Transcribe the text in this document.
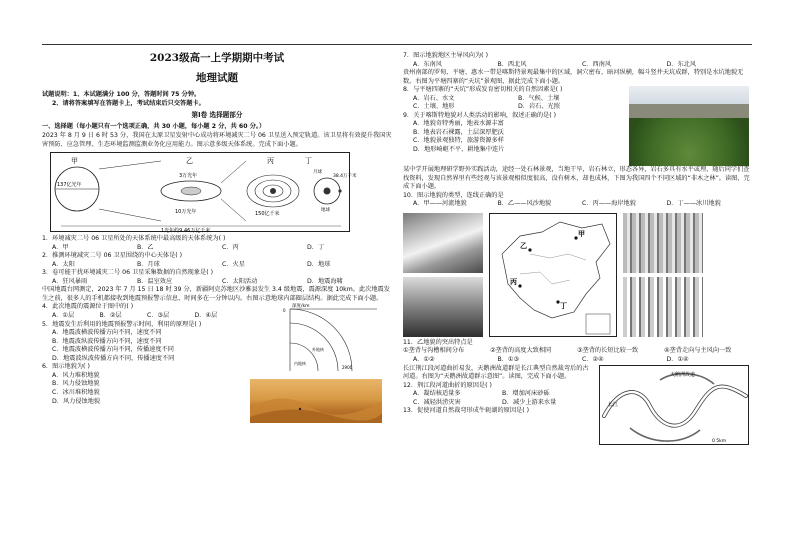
2023级高一上学期期中考试
地理试题

试题说明：1、本试题满分 100 分，答题时间 75 分钟。

2、请将答案填写在答题卡上，考试结束后只交答题卡。

第Ⅰ卷 选择题部分

一、选择题（每小题只有一个选项正确，共 30 小题，每小题 2 分，共 60 分。）

2023 年 8 月 9 日 6 时 53 分，我国在太原卫星发射中心成功将环境减灾二号 06 卫星送入预定轨道。该卫星将有效提升我国灾害预防、应急管理、生态环境监测监测业务化应用能力。图示意多级天体系统。完成下面小题。

甲	乙	丙	丁
137亿光年
3万光年
10万光年	150亿千米
38.4万千米
月球
地球
1光年约9.46万亿千米

1．环境减灾二号 06 卫星所处的天体系统中最高级的天体系统为( )

A．甲	B．乙	C．丙	D．丁

2．推测环境减灾二号 06 卫星围绕的中心天体是( )

A．太阳	B．月球	C．火星	D．地球

3．卷可能干扰环境减灾二号 06 卫星采集数据的自然现象是( )

A．狂风暴雨	B．温室效应	C．太阳活动	D．地震海啸

中国地震台网测定，2023 年 7 月 15 日 18 时 39 分，新疆阿克苏地区沙雅县发生 3.4 级地震，震源深度 10km。此次地震发生之前，很多人的手机都接收到地震预报警示信息，时间多在一分钟以内。右图示意地球内部圈层结构。据此完成下面小题。

4．此次地震的震源位于图中的( )

A．①层	B．②层	C．③层	D．④层

5．地震发生后利用的地震预报警示时间，利用的原理是( )

A．地震波横波传播方向不同，速度不同
B．地震波纵波传播方向不同，速度不同
C．地震波横波传播方向不同，传播速度不同
D．地震波纵波传播方向不同，传播速度不同

6．图示地貌为( )

A．风力堆积地貌
B．风力侵蚀地貌
C．冰川堆积地貌
D．风力侵蚀地貌
深度/km
0
2900
外地核
内地核

7．图示地貌地区主导风向为( )

A．东南风	B．西北风	C．西南风	D．东北风

贵州南部的罗甸、平塘、惠水一带是喀斯特景观最集中的区域，洞穴密布，暗河纵横，幅斗竖井天坑成群，特别是水坑地貌无数。右图为平塘四寨的“天坑”景观图，据此完成下面小题。

8．与平塘四寨的“天坑”形成发育密切相关的自然因素是( )

A．岩石、水文	B．气候、土壤
C．土壤、地形	D．岩石、光照

9．关于喀斯特地貌对人类活动的影响，叙述正确的是( )

A．地貌奇特秀丽，地表水源丰富
B．地表岩石裸露，土层深厚肥沃
C．地貌景观独特，旅游资源多样
D．地形崎岖不平，耕地集中连片

某中学开展地理研学野外实践活动，途经一处石林景观，当地干旱，岩石林立，形态各异，岩石多具有水平或理，随后同学们查找资料，发现自然界里有些经观与该景观相似度很高，没有树木，却也成林，下图为我国四个不同区域的“非木之林”。读图，完成下面小题。

10．图示地貌的类型，连线正确的是

A．甲——河流地貌	B．乙——风沙地貌	C．丙——海岸地貌	D．丁——冰川地貌
乙
丙
甲
丁

11．乙地貌的突出特点是

①垄背与沟槽相间分布	②垄背的高度大致相同	③垄背的长短比较一致	④垄背走向与主风向一致
A．①②	B．①③	C．②④	D．①④

长江荆江段河道曲折易发，天鹅洲故道群是长江典型自然裁弯后的古河道。右图为“天鹅洲故道群示意图”。读图，完成下面小题。

12．荆江段河道曲折的原因是( )

A．凝结核适量多	B．增加河床砂砾
C．减轻洪涝灾害	D．减少上游来水量

13．促使河道自然裁弯形成牛轭湖的原因是( )

天鹅洲故道
长江
0 5km
